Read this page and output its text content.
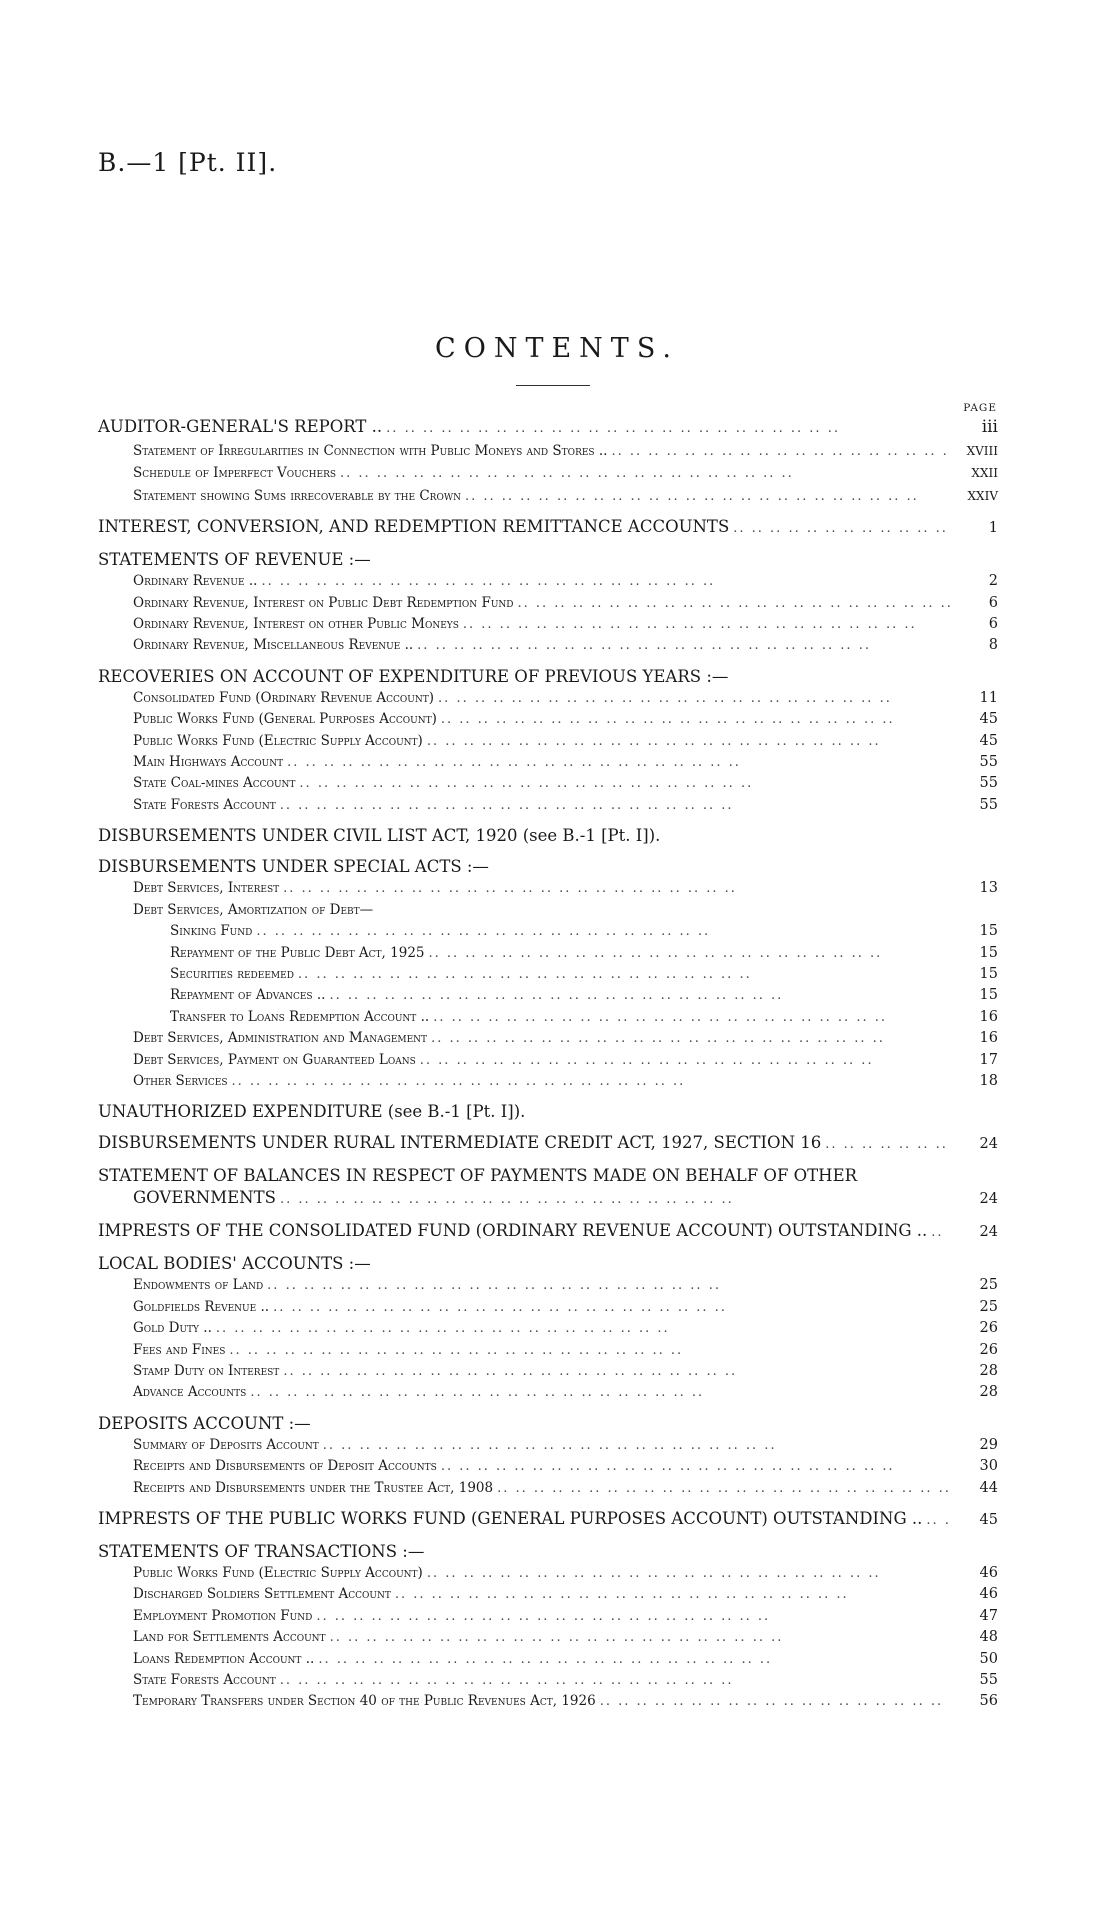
B.—1 [Pt. II].
CONTENTS.
PAGE
AUDITOR-GENERAL'S REPORT .. ..	iii
Statement of Irregularities in Connection with Public Moneys and Stores .. ..	xviii
Schedule of Imperfect Vouchers ..	xxii
Statement showing Sums irrecoverable by the Crown ..	xxiv
INTEREST, CONVERSION, AND REDEMPTION REMITTANCE ACCOUNTS ..	1
STATEMENTS OF REVENUE :—
Ordinary Revenue .. ..	2
Ordinary Revenue, Interest on Public Debt Redemption Fund ..	6
Ordinary Revenue, Interest on other Public Moneys ..	6
Ordinary Revenue, Miscellaneous Revenue .. ..	8
RECOVERIES ON ACCOUNT OF EXPENDITURE OF PREVIOUS YEARS :—
Consolidated Fund (Ordinary Revenue Account) ..	11
Public Works Fund (General Purposes Account) ..	45
Public Works Fund (Electric Supply Account) ..	45
Main Highways Account ..	55
State Coal-mines Account ..	55
State Forests Account ..	55
DISBURSEMENTS UNDER CIVIL LIST ACT, 1920 (see B.-1 [Pt. I]).
DISBURSEMENTS UNDER SPECIAL ACTS :—
Debt Services, Interest ..	13
Debt Services, Amortization of Debt—
Sinking Fund ..	15
Repayment of the Public Debt Act, 1925 ..	15
Securities redeemed ..	15
Repayment of Advances .. ..	15
Transfer to Loans Redemption Account .. ..	16
Debt Services, Administration and Management ..	16
Debt Services, Payment on Guaranteed Loans ..	17
Other Services ..	18
UNAUTHORIZED EXPENDITURE (see B.-1 [Pt. I]).
DISBURSEMENTS UNDER RURAL INTERMEDIATE CREDIT ACT, 1927, SECTION 16 ..	24
STATEMENT OF BALANCES IN RESPECT OF PAYMENTS MADE ON BEHALF OF OTHER
GOVERNMENTS ..	24
IMPRESTS OF THE CONSOLIDATED FUND (ORDINARY REVENUE ACCOUNT) OUTSTANDING .. ..	24
LOCAL BODIES' ACCOUNTS :—
Endowments of Land ..	25
Goldfields Revenue .. ..	25
Gold Duty .. ..	26
Fees and Fines ..	26
Stamp Duty on Interest ..	28
Advance Accounts ..	28
DEPOSITS ACCOUNT :—
Summary of Deposits Account ..	29
Receipts and Disbursements of Deposit Accounts ..	30
Receipts and Disbursements under the Trustee Act, 1908 ..	44
IMPRESTS OF THE PUBLIC WORKS FUND (GENERAL PURPOSES ACCOUNT) OUTSTANDING .. ..	45
STATEMENTS OF TRANSACTIONS :—
Public Works Fund (Electric Supply Account) ..	46
Discharged Soldiers Settlement Account ..	46
Employment Promotion Fund ..	47
Land for Settlements Account ..	48
Loans Redemption Account .. ..	50
State Forests Account ..	55
Temporary Transfers under Section 40 of the Public Revenues Act, 1926 ..	56
